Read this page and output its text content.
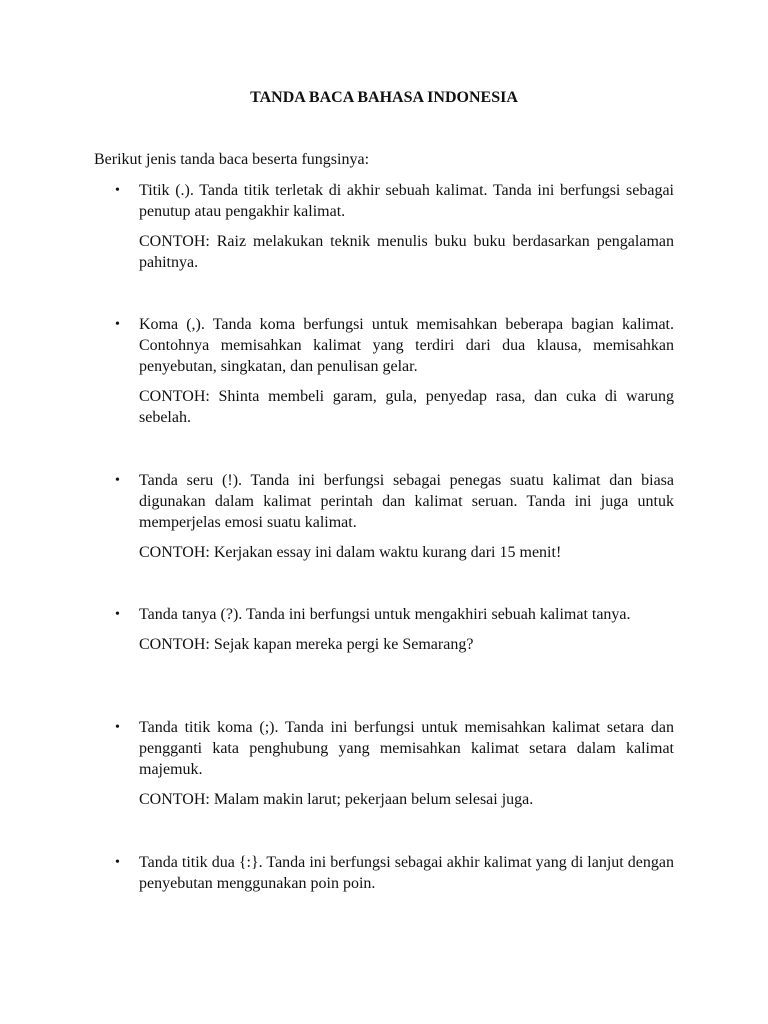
TANDA BACA BAHASA INDONESIA

Berikut jenis tanda baca beserta fungsinya:

• Titik (.). Tanda titik terletak di akhir sebuah kalimat. Tanda ini berfungsi sebagai penutup atau pengakhir kalimat.

CONTOH: Raiz melakukan teknik menulis buku buku berdasarkan pengalaman pahitnya.

• Koma (,). Tanda koma berfungsi untuk memisahkan beberapa bagian kalimat. Contohnya memisahkan kalimat yang terdiri dari dua klausa, memisahkan penyebutan, singkatan, dan penulisan gelar.

CONTOH: Shinta membeli garam, gula, penyedap rasa, dan cuka di warung sebelah.

• Tanda seru (!). Tanda ini berfungsi sebagai penegas suatu kalimat dan biasa digunakan dalam kalimat perintah dan kalimat seruan. Tanda ini juga untuk memperjelas emosi suatu kalimat.

CONTOH: Kerjakan essay ini dalam waktu kurang dari 15 menit!

• Tanda tanya (?). Tanda ini berfungsi untuk mengakhiri sebuah kalimat tanya.

CONTOH: Sejak kapan mereka pergi ke Semarang?

• Tanda titik koma (;). Tanda ini berfungsi untuk memisahkan kalimat setara dan pengganti kata penghubung yang memisahkan kalimat setara dalam kalimat majemuk.

CONTOH: Malam makin larut; pekerjaan belum selesai juga.

• Tanda titik dua {:}. Tanda ini berfungsi sebagai akhir kalimat yang di lanjut dengan penyebutan menggunakan poin poin.
